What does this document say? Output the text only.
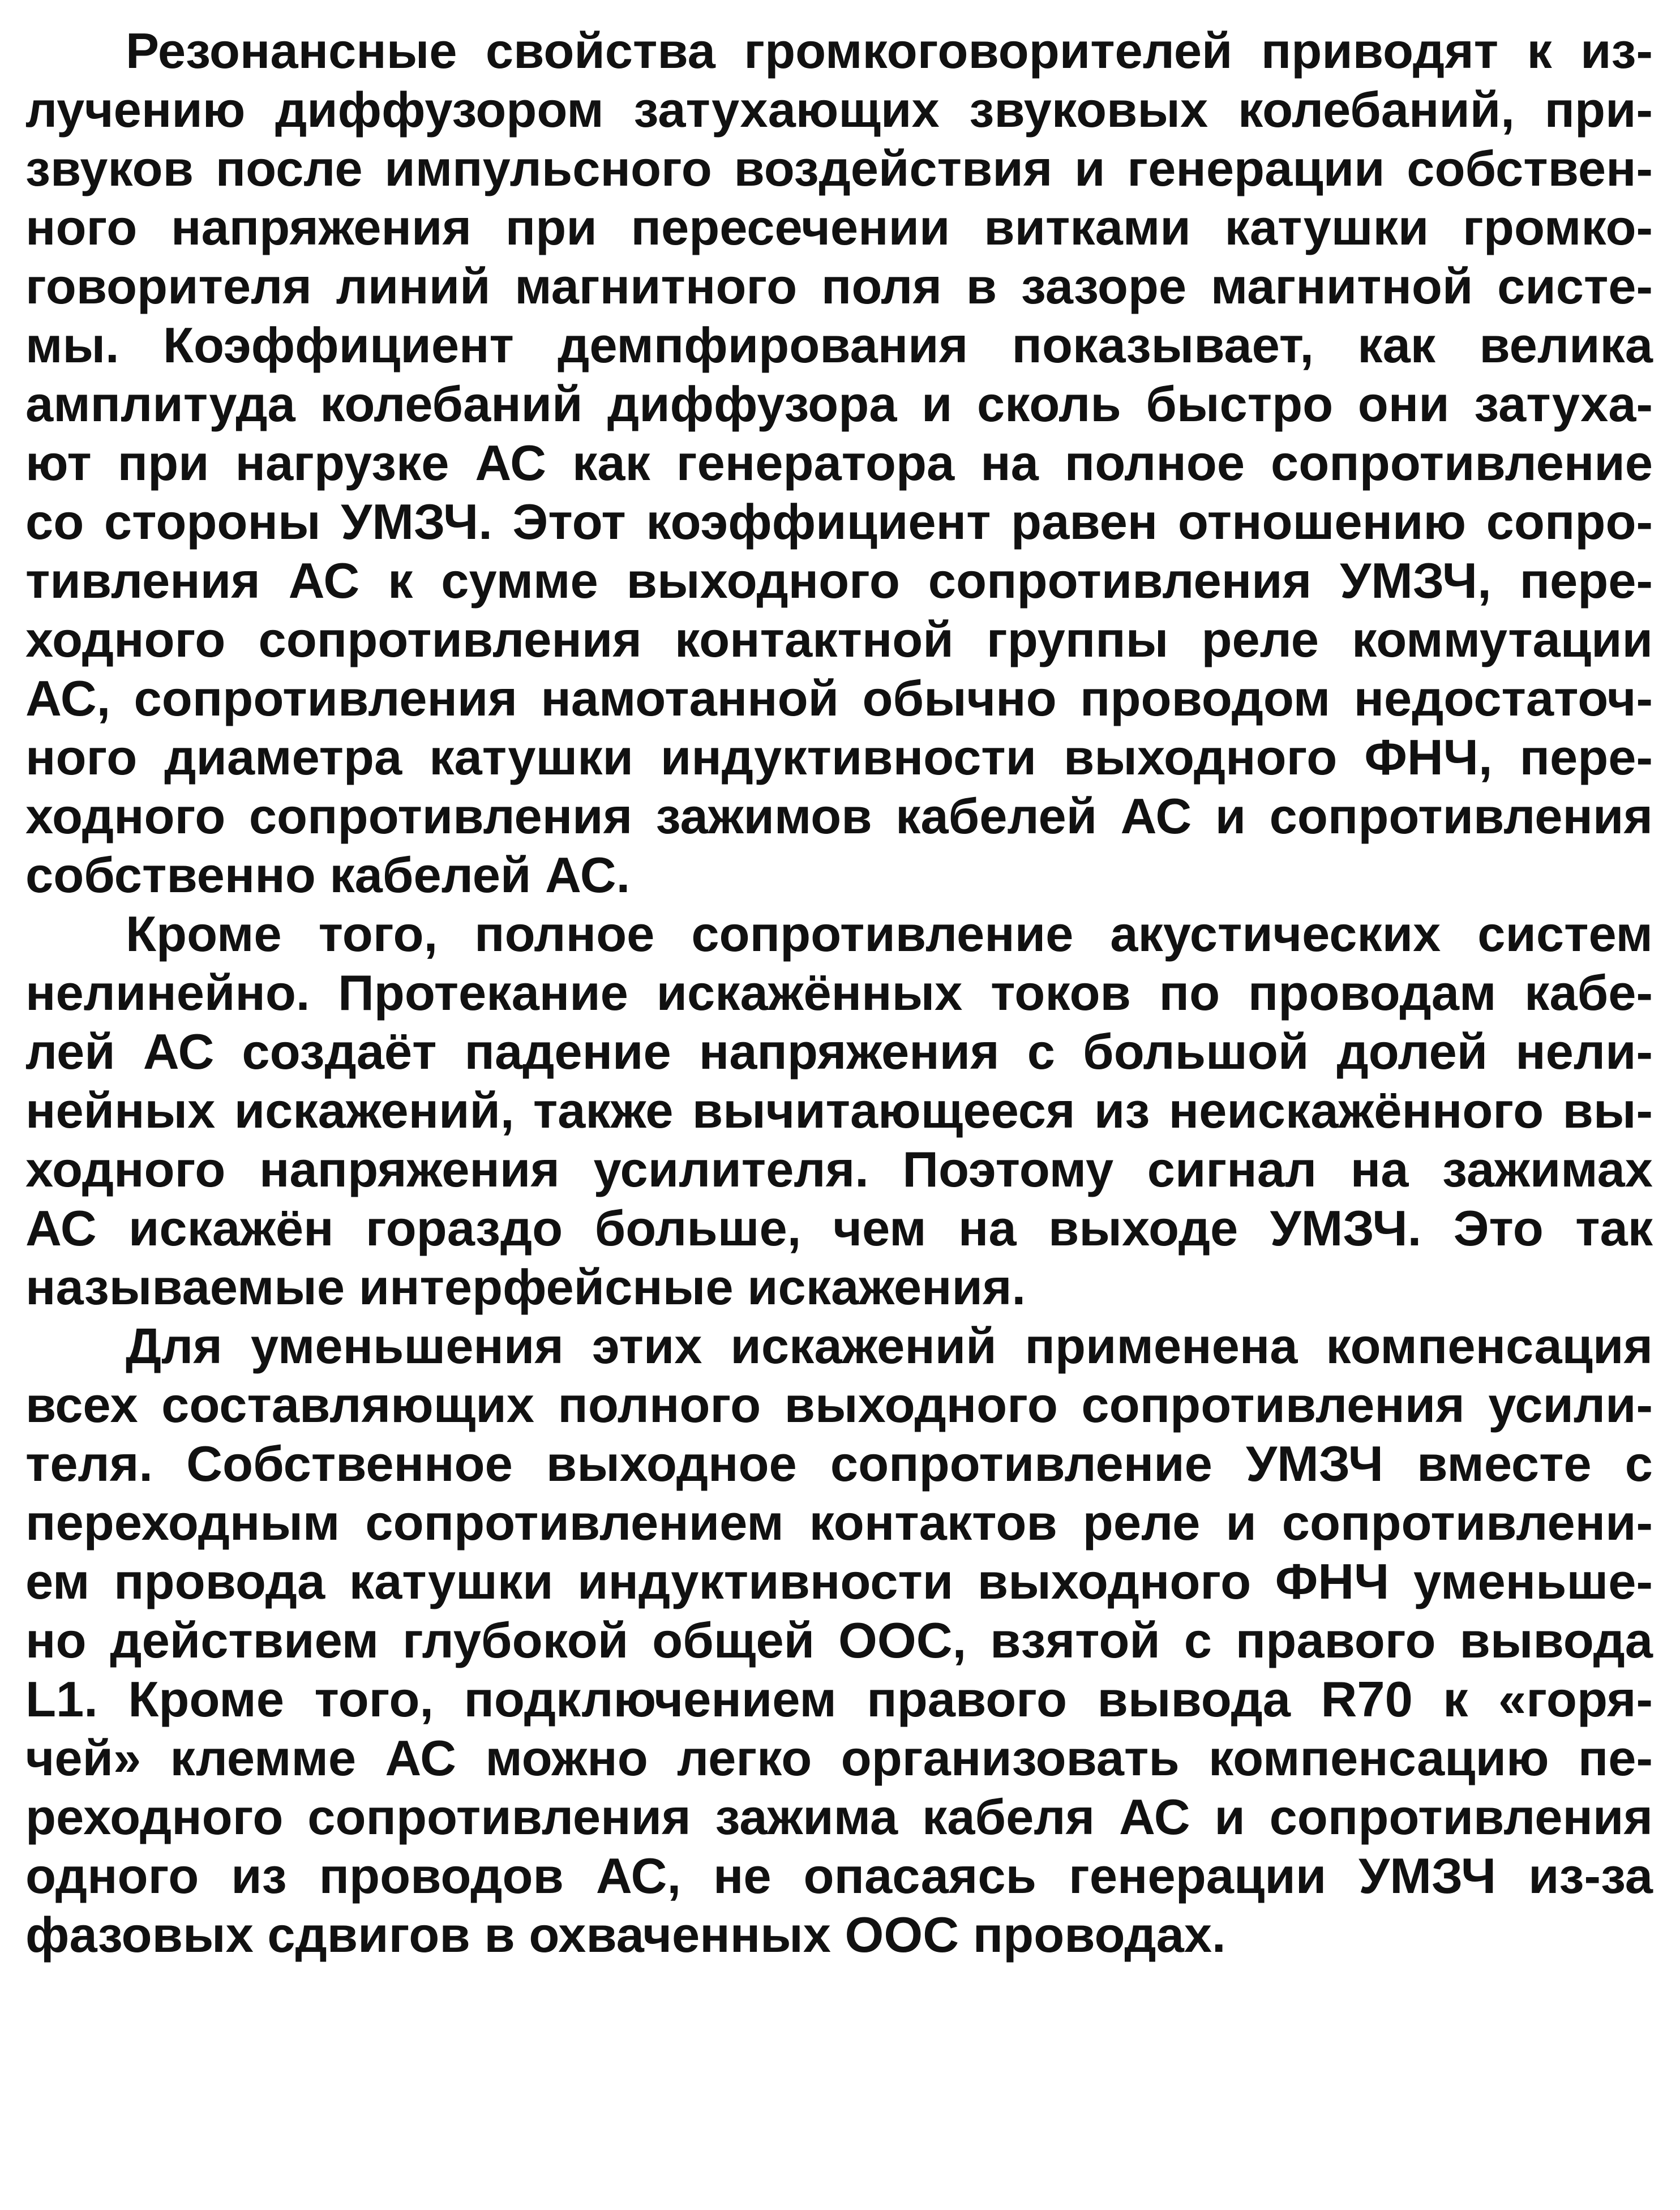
Резонансные свойства громкоговорителей приводят к из-
лучению диффузором затухающих звуковых колебаний, при-
звуков после импульсного воздействия и генерации собствен-
ного напряжения при пересечении витками катушки громко-
говорителя линий магнитного поля в зазоре магнитной систе-
мы. Коэффициент демпфирования показывает, как велика
амплитуда колебаний диффузора и сколь быстро они затуха-
ют при нагрузке АС как генератора на полное сопротивление
со стороны УМЗЧ. Этот коэффициент равен отношению сопро-
тивления АС к сумме выходного сопротивления УМЗЧ, пере-
ходного сопротивления контактной группы реле коммутации
АС, сопротивления намотанной обычно проводом недостаточ-
ного диаметра катушки индуктивности выходного ФНЧ, пере-
ходного сопротивления зажимов кабелей АС и сопротивления
собственно кабелей АС.
Кроме того, полное сопротивление акустических систем
нелинейно. Протекание искажённых токов по проводам кабе-
лей АС создаёт падение напряжения с большой долей нели-
нейных искажений, также вычитающееся из неискажённого вы-
ходного напряжения усилителя. Поэтому сигнал на зажимах
АС искажён гораздо больше, чем на выходе УМЗЧ. Это так
называемые интерфейсные искажения.
Для уменьшения этих искажений применена компенсация
всех составляющих полного выходного сопротивления усили-
теля. Собственное выходное сопротивление УМЗЧ вместе с
переходным сопротивлением контактов реле и сопротивлени-
ем провода катушки индуктивности выходного ФНЧ уменьше-
но действием глубокой общей ООС, взятой с правого вывода
L1. Кроме того, подключением правого вывода R70 к «горя-
чей» клемме АС можно легко организовать компенсацию пе-
реходного сопротивления зажима кабеля АС и сопротивления
одного из проводов АС, не опасаясь генерации УМЗЧ из-за
фазовых сдвигов в охваченных ООС проводах.
